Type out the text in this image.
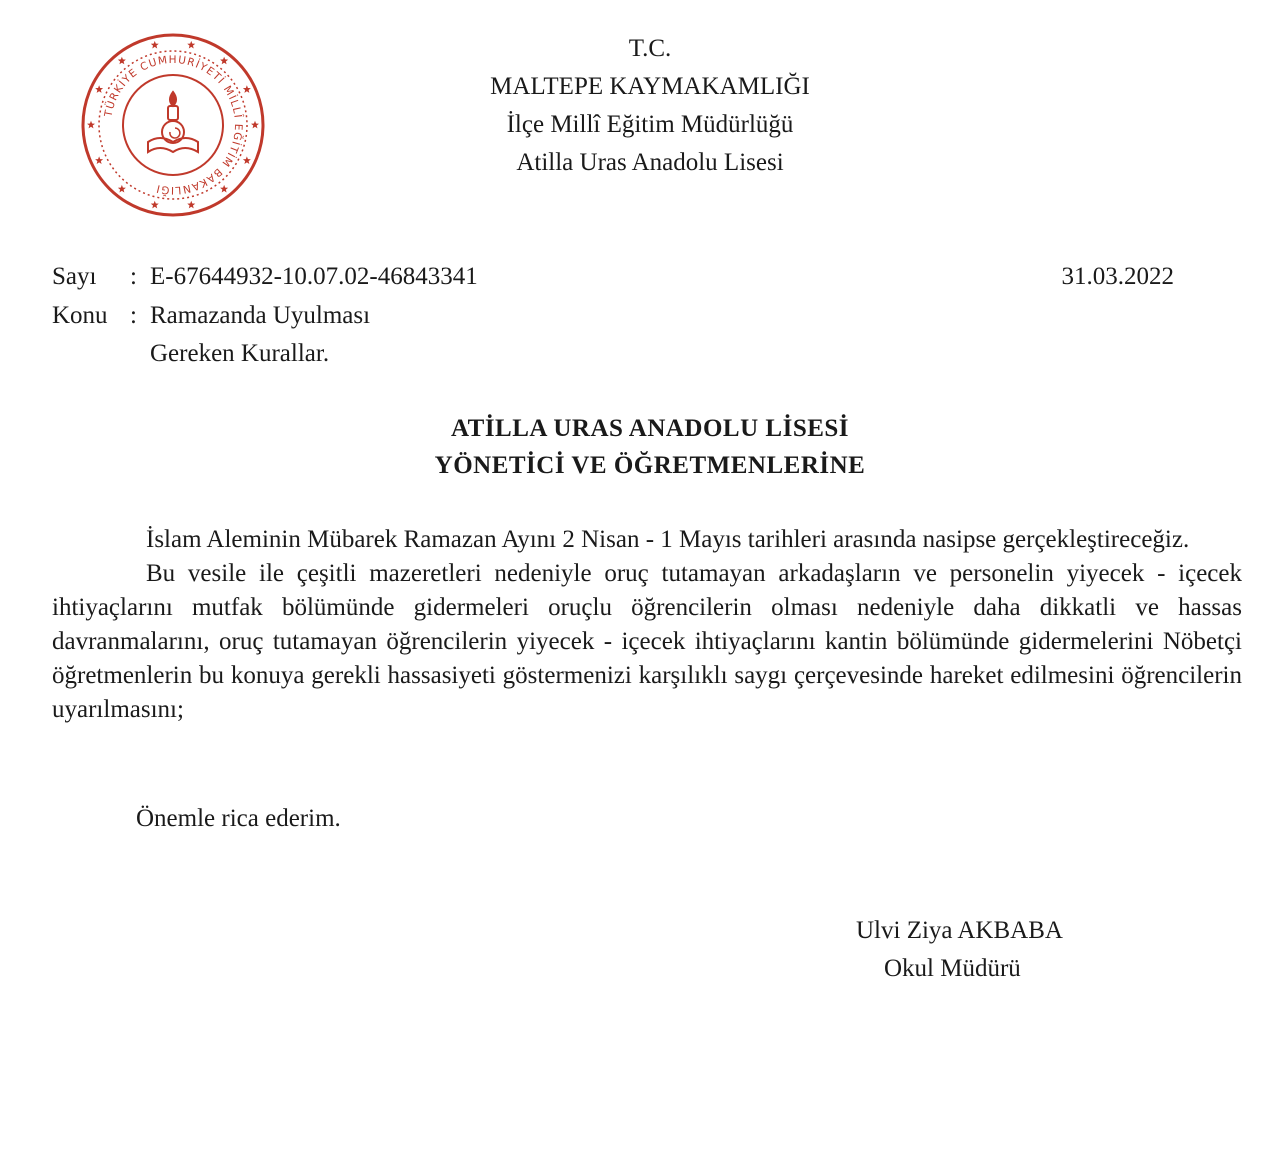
TÜRKİYE CUMHURİYETİ MİLLÎ EĞİTİM BAKANLIĞI
T.C.
MALTEPE KAYMAKAMLIĞI
İlçe Millî Eğitim Müdürlüğü
Atilla Uras Anadolu Lisesi
Sayı : E-67644932-10.07.02-46843341	31.03.2022
Konu : Ramazanda Uyulması
Gereken Kurallar.
ATİLLA URAS ANADOLU LİSESİ
YÖNETİCİ VE ÖĞRETMENLERİNE

İslam Aleminin Mübarek Ramazan Ayını 2 Nisan - 1 Mayıs tarihleri arasında nasipse gerçekleştireceğiz.

Bu vesile ile çeşitli mazeretleri nedeniyle oruç tutamayan arkadaşların ve personelin yiyecek - içecek ihtiyaçlarını mutfak bölümünde gidermeleri oruçlu öğrencilerin olması nedeniyle daha dikkatli ve hassas davranmalarını, oruç tutamayan öğrencilerin yiyecek - içecek ihtiyaçlarını kantin bölümünde gidermelerini Nöbetçi öğretmenlerin bu konuya gerekli hassasiyeti göstermenizi karşılıklı saygı çerçevesinde hareket edilmesini öğrencilerin uyarılmasını;

Önemle rica ederim.
Ulvi Ziya AKBABA
Okul Müdürü
